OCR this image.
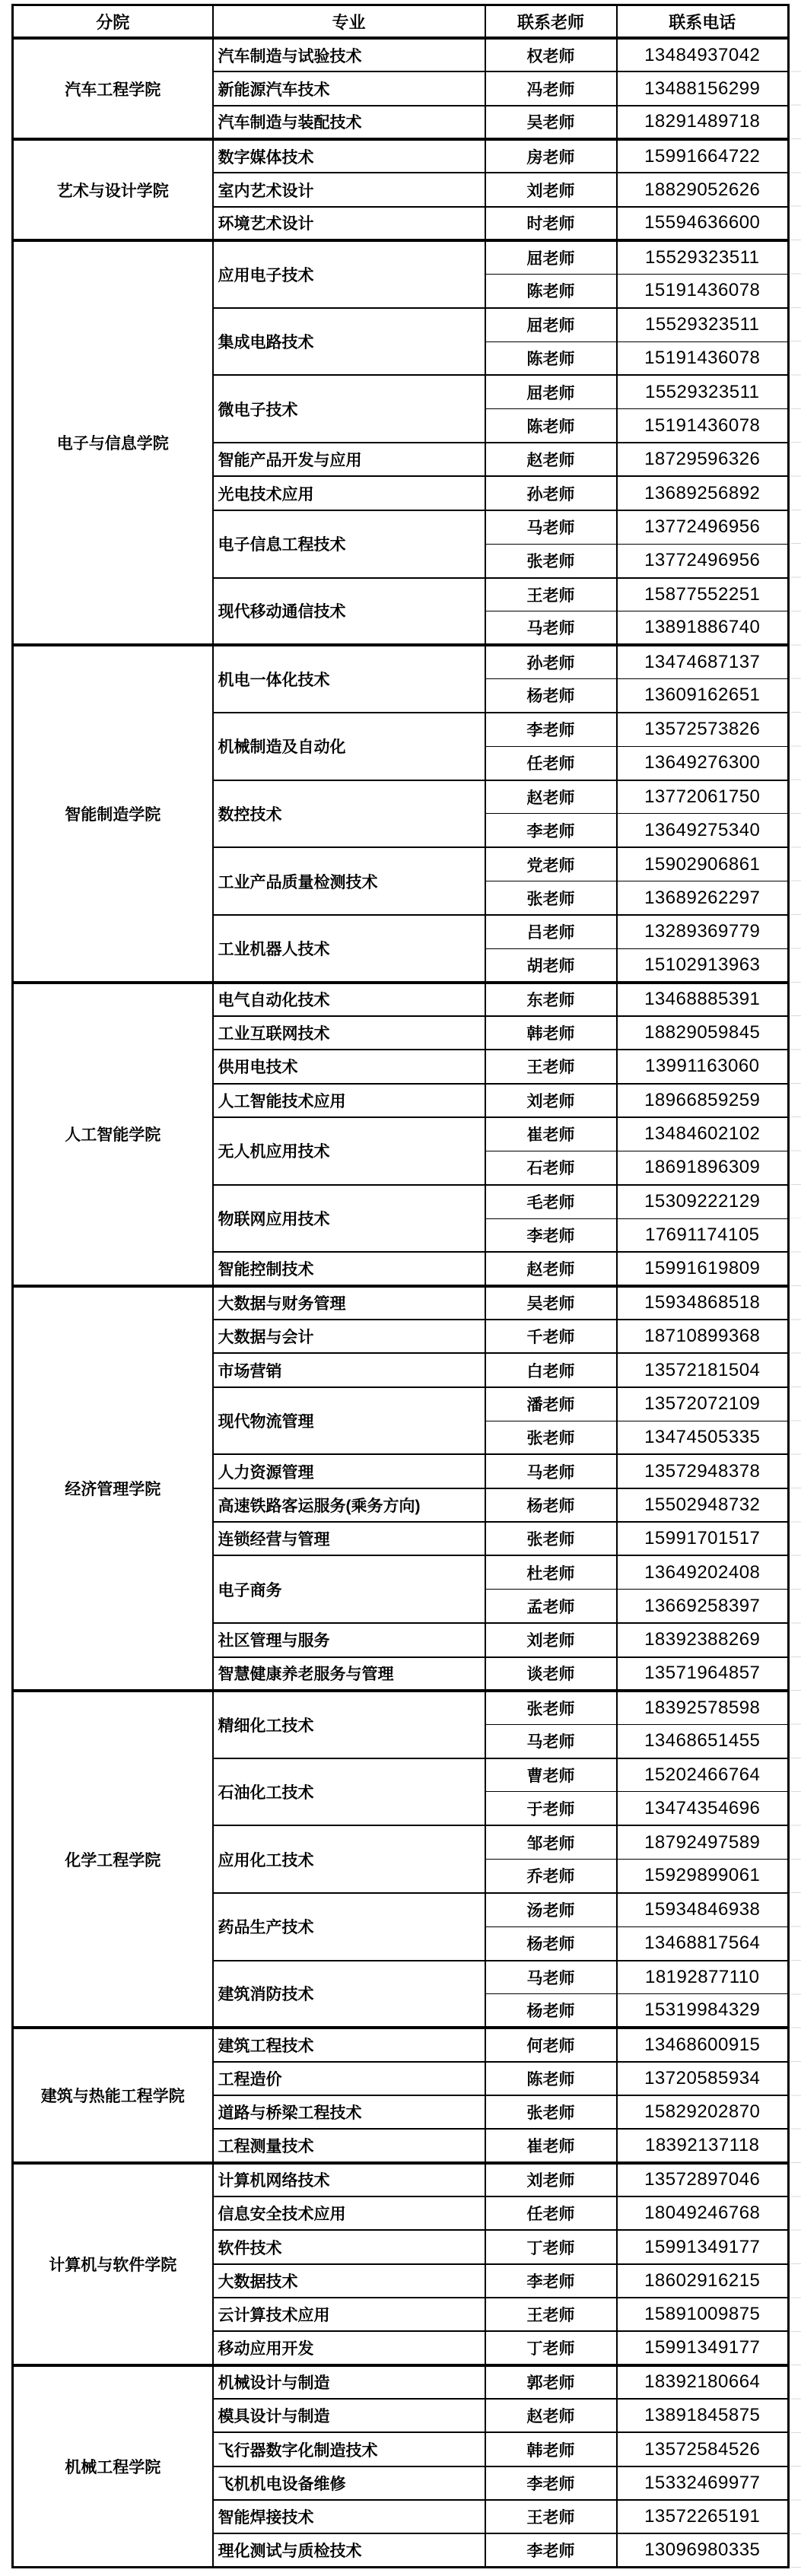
分院	专业	联系老师	联系电话
汽车工程学院	汽车制造与试验技术	权老师	13484937042
	新能源汽车技术	冯老师	13488156299
	汽车制造与装配技术	吴老师	18291489718
艺术与设计学院	数字媒体技术	房老师	15991664722
	室内艺术设计	刘老师	18829052626
	环境艺术设计	时老师	15594636600
电子与信息学院	应用电子技术	屈老师	15529323511
		陈老师	15191436078
	集成电路技术	屈老师	15529323511
		陈老师	15191436078
	微电子技术	屈老师	15529323511
		陈老师	15191436078
	智能产品开发与应用	赵老师	18729596326
	光电技术应用	孙老师	13689256892
	电子信息工程技术	马老师	13772496956
		张老师	13772496956
	现代移动通信技术	王老师	15877552251
		马老师	13891886740
智能制造学院	机电一体化技术	孙老师	13474687137
		杨老师	13609162651
	机械制造及自动化	李老师	13572573826
		任老师	13649276300
	数控技术	赵老师	13772061750
		李老师	13649275340
	工业产品质量检测技术	党老师	15902906861
		张老师	13689262297
	工业机器人技术	吕老师	13289369779
		胡老师	15102913963
人工智能学院	电气自动化技术	东老师	13468885391
	工业互联网技术	韩老师	18829059845
	供用电技术	王老师	13991163060
	人工智能技术应用	刘老师	18966859259
	无人机应用技术	崔老师	13484602102
		石老师	18691896309
	物联网应用技术	毛老师	15309222129
		李老师	17691174105
	智能控制技术	赵老师	15991619809
经济管理学院	大数据与财务管理	吴老师	15934868518
	大数据与会计	千老师	18710899368
	市场营销	白老师	13572181504
	现代物流管理	潘老师	13572072109
		张老师	13474505335
	人力资源管理	马老师	13572948378
	高速铁路客运服务(乘务方向)	杨老师	15502948732
	连锁经营与管理	张老师	15991701517
	电子商务	杜老师	13649202408
		孟老师	13669258397
	社区管理与服务	刘老师	18392388269
	智慧健康养老服务与管理	谈老师	13571964857
化学工程学院	精细化工技术	张老师	18392578598
		马老师	13468651455
	石油化工技术	曹老师	15202466764
		于老师	13474354696
	应用化工技术	邹老师	18792497589
		乔老师	15929899061
	药品生产技术	汤老师	15934846938
		杨老师	13468817564
	建筑消防技术	马老师	18192877110
		杨老师	15319984329
建筑与热能工程学院	建筑工程技术	何老师	13468600915
	工程造价	陈老师	13720585934
	道路与桥梁工程技术	张老师	15829202870
	工程测量技术	崔老师	18392137118
计算机与软件学院	计算机网络技术	刘老师	13572897046
	信息安全技术应用	任老师	18049246768
	软件技术	丁老师	15991349177
	大数据技术	李老师	18602916215
	云计算技术应用	王老师	15891009875
	移动应用开发	丁老师	15991349177
机械工程学院	机械设计与制造	郭老师	18392180664
	模具设计与制造	赵老师	13891845875
	飞行器数字化制造技术	韩老师	13572584526
	飞机机电设备维修	李老师	15332469977
	智能焊接技术	王老师	13572265191
	理化测试与质检技术	李老师	13096980335
